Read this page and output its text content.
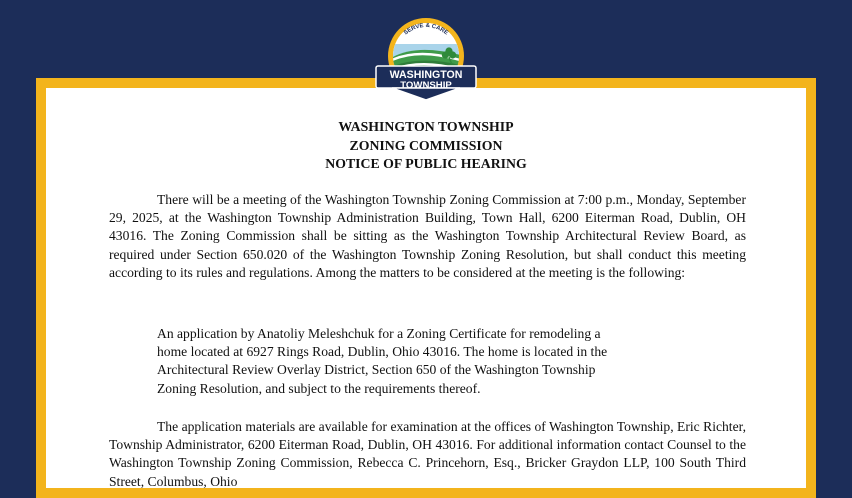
WASHINGTON TOWNSHIP
ZONING COMMISSION
NOTICE OF PUBLIC HEARING
There will be a meeting of the Washington Township Zoning Commission at 7:00 p.m., Monday, September 29, 2025, at the Washington Township Administration Building, Town Hall, 6200 Eiterman Road, Dublin, OH 43016. The Zoning Commission shall be sitting as the Washington Township Architectural Review Board, as required under Section 650.020 of the Washington Township Zoning Resolution, but shall conduct this meeting according to its rules and regulations. Among the matters to be considered at the meeting is the following:
An application by Anatoliy Meleshchuk for a Zoning Certificate for remodeling a
home located at 6927 Rings Road, Dublin, Ohio 43016. The home is located in the
Architectural Review Overlay District, Section 650 of the Washington Township
Zoning Resolution, and subject to the requirements thereof.
The application materials are available for examination at the offices of Washington Township, Eric Richter, Township Administrator, 6200 Eiterman Road, Dublin, OH 43016. For additional information contact Counsel to the Washington Township Zoning Commission, Rebecca C. Princehorn, Esq., Bricker Graydon LLP, 100 South Third Street, Columbus, Ohio
SERVE & CARE
WASHINGTON
TOWNSHIP
